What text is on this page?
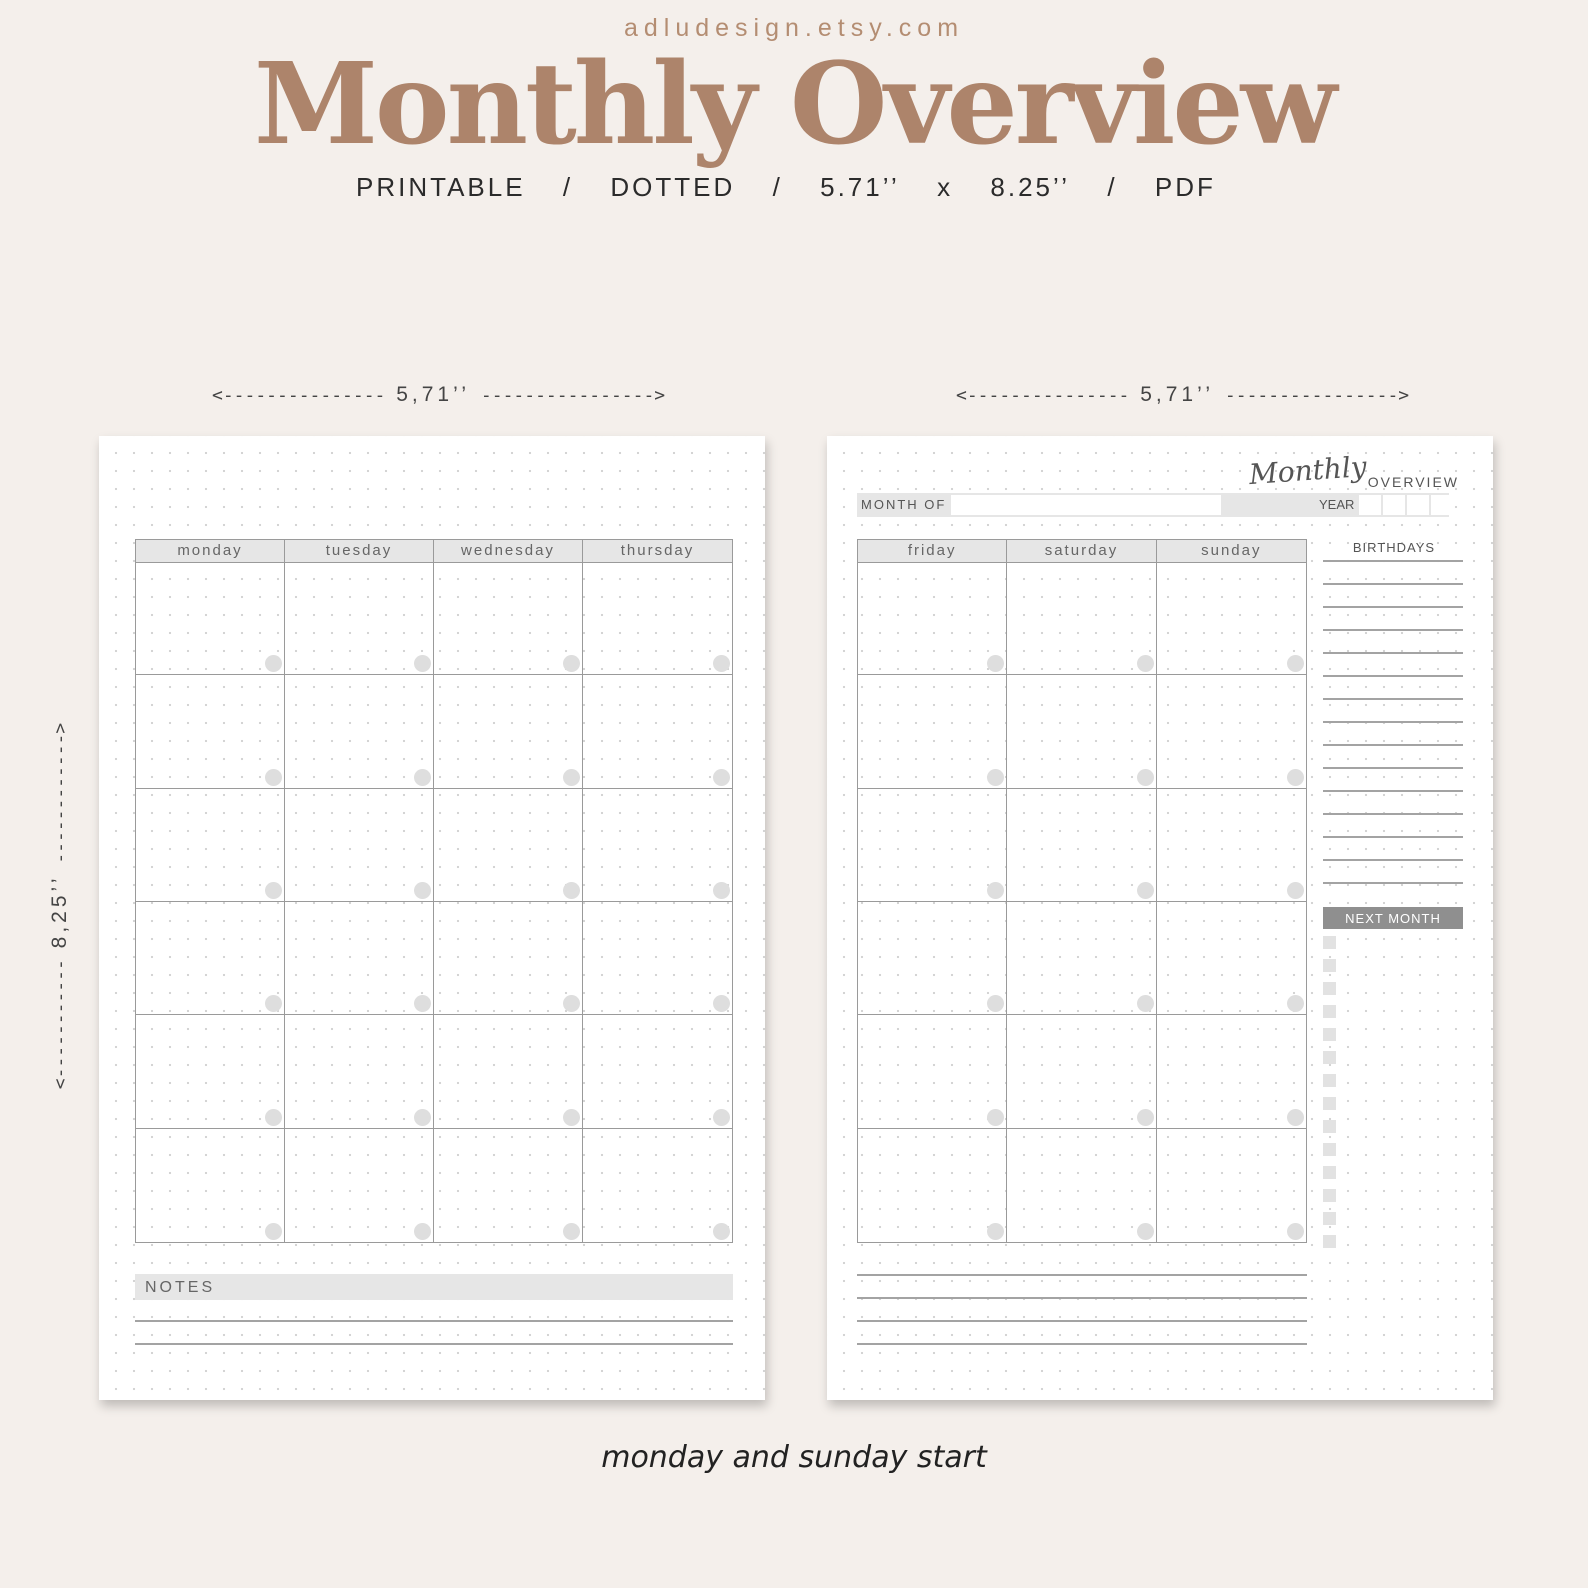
adludesign.etsy.com
Monthly Overview
PRINTABLE / DOTTED / 5.71’’ x 8.25’’ / PDF
<--------------- 5,71’’ ---------------->	<--------------- 5,71’’ ---------------->
<----------- 8,25’’ ------------>
monday	tuesday	wednesday	thursday
NOTES
Monthly OVERVIEW
MONTH OF	YEAR
friday	saturday	sunday	BIRTHDAYS
NEXT MONTH
monday and sunday start
